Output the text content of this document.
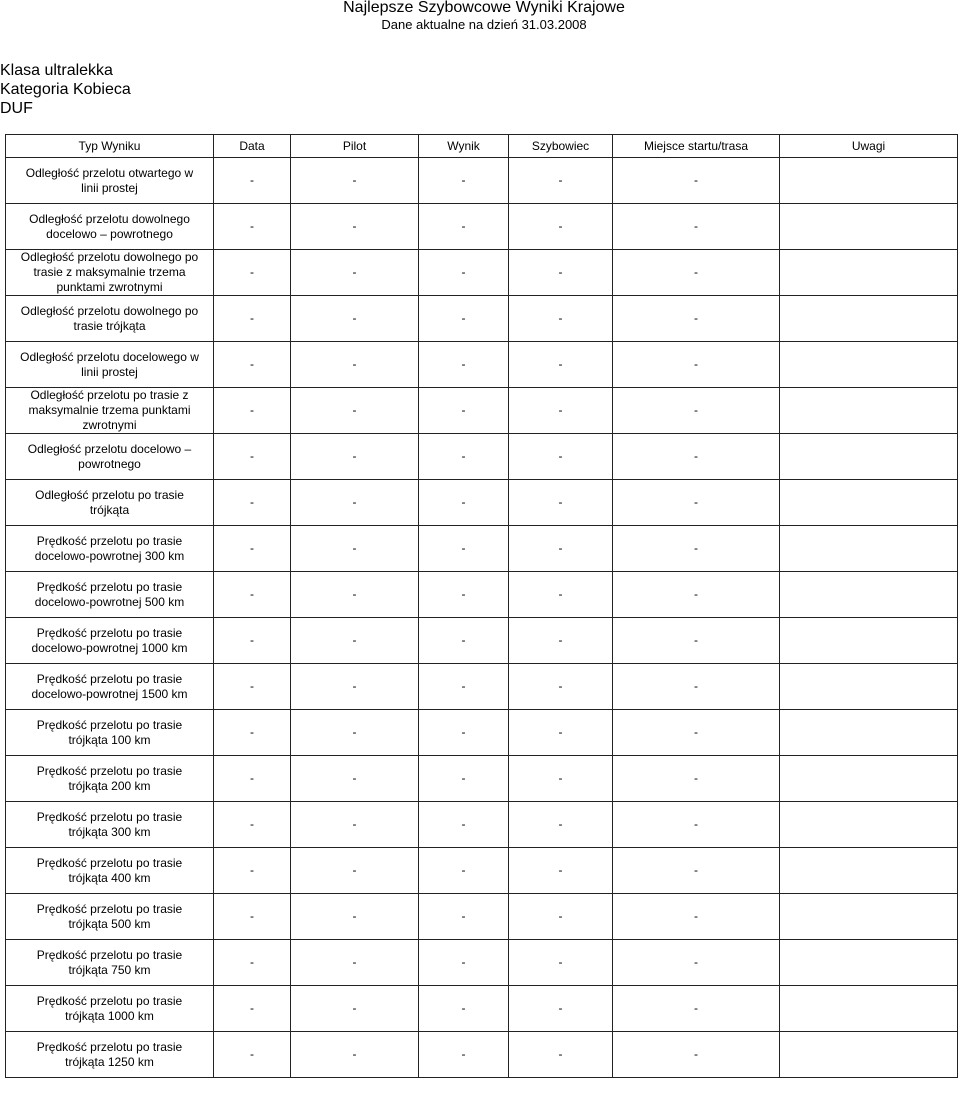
Najlepsze Szybowcowe Wyniki Krajowe
Dane aktualne na dzień 31.03.2008
Klasa ultralekka
Kategoria Kobieca
DUF
Typ Wyniku	Data	Pilot	Wynik	Szybowiec	Miejsce startu/trasa	Uwagi
Odległość przelotu otwartego w
linii prostej	-	-	-	-	-	
Odległość przelotu dowolnego
docelowo – powrotnego	-	-	-	-	-	
Odległość przelotu dowolnego po
trasie z maksymalnie trzema
punktami zwrotnymi	-	-	-	-	-	
Odległość przelotu dowolnego po
trasie trójkąta	-	-	-	-	-	
Odległość przelotu docelowego w
linii prostej	-	-	-	-	-	
Odległość przelotu po trasie z
maksymalnie trzema punktami
zwrotnymi	-	-	-	-	-	
Odległość przelotu docelowo –
powrotnego	-	-	-	-	-	
Odległość przelotu po trasie
trójkąta	-	-	-	-	-	
Prędkość przelotu po trasie
docelowo-powrotnej 300 km	-	-	-	-	-	
Prędkość przelotu po trasie
docelowo-powrotnej 500 km	-	-	-	-	-	
Prędkość przelotu po trasie
docelowo-powrotnej 1000 km	-	-	-	-	-	
Prędkość przelotu po trasie
docelowo-powrotnej 1500 km	-	-	-	-	-	
Prędkość przelotu po trasie
trójkąta 100 km	-	-	-	-	-	
Prędkość przelotu po trasie
trójkąta 200 km	-	-	-	-	-	
Prędkość przelotu po trasie
trójkąta 300 km	-	-	-	-	-	
Prędkość przelotu po trasie
trójkąta 400 km	-	-	-	-	-	
Prędkość przelotu po trasie
trójkąta 500 km	-	-	-	-	-	
Prędkość przelotu po trasie
trójkąta 750 km	-	-	-	-	-	
Prędkość przelotu po trasie
trójkąta 1000 km	-	-	-	-	-	
Prędkość przelotu po trasie
trójkąta 1250 km	-	-	-	-	-	
